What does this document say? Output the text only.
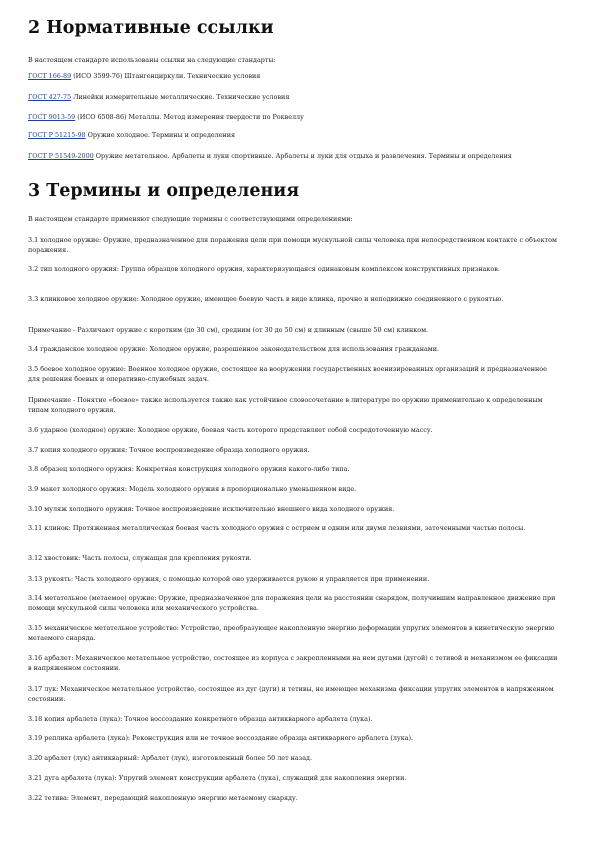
2 Нормативные ссылки

В настоящем стандарте использованы ссылки на следующие стандарты:

ГОСТ 166-89 (ИСО 3599-76) Штангенциркули. Технические условия

ГОСТ 427-75 Линейки измерительные металлические. Технические условия

ГОСТ 9013-59 (ИСО 6508-86) Металлы. Метод измерения твердости по Роквеллу

ГОСТ Р 51215-98 Оружие холодное. Термины и определения

ГОСТ Р 51549-2000 Оружие метательное. Арбалеты и луки спортивные. Арбалеты и луки для отдыха и развлечения. Термины и определения

3 Термины и определения

В настоящем стандарте применяют следующие термины с соответствующими определениями:

3.1 холодное оружие: Оружие, предназначенное для поражения цели при помощи мускульной силы человека при непосредственном контакте с объектом поражения.

3.2 тип холодного оружия: Группа образцов холодного оружия, характеризующаяся одинаковым комплексом конструктивных признаков.

3.3 клинковое холодное оружие: Холодное оружие, имеющее боевую часть в виде клинка, прочно и неподвижно соединенного с рукоятью.

Примечание - Различают оружие с коротким (до 30 см), средним (от 30 до 50 см) и длинным (свыше 50 см) клинком.

3.4 гражданское холодное оружие: Холодное оружие, разрешенное законодательством для использования гражданами.

3.5 боевое холодное оружие: Военное холодное оружие, состоящее на вооружении государственных военизированных организаций и предназначенное для решения боевых и оперативно-служебных задач.

Примечание - Понятие «боевое» также используется также как устойчивое словосочетание в литературе по оружию применительно к определенным типам холодного оружия.

3.6 ударное (холодное) оружие: Холодное оружие, боевая часть которого представляет собой сосредоточенную массу.

3.7 копия холодного оружия: Точное воспроизведение образца холодного оружия.

3.8 образец холодного оружия: Конкретная конструкция холодного оружия какого-либо типа.

3.9 макет холодного оружия: Модель холодного оружия в пропорционально уменьшенном виде.

3.10 муляж холодного оружия: Точное воспроизведение исключительно внешнего вида холодного оружия.

3.11 клинок: Протяженная металлическая боевая часть холодного оружия с острием и одним или двумя лезвиями, заточенными частью полосы.

3.12 хвостовик: Часть полосы, служащая для крепления рукояти.

3.13 рукоять: Часть холодного оружия, с помощью которой оно удерживается рукою и управляется при применении.

3.14 метательное (метаемое) оружие: Оружие, предназначенное для поражения цели на расстоянии снарядом, получившим направленное движение при помощи мускульной силы человека или механического устройства.

3.15 механическое метательное устройство: Устройство, преобразующее накопленную энергию деформации упругих элементов в кинетическую энергию метаемого снаряда.

3.16 арбалет: Механическое метательное устройство, состоящее из корпуса с закрепленными на нем дугами (дугой) с тетивой и механизмом ее фиксации в напряженном состоянии.

3.17 лук: Механическое метательное устройство, состоящее из дуг (дуги) и тетивы, не имеющее механизма фиксации упругих элементов в напряженном состоянии.

3.18 копия арбалета (лука): Точное воссоздание конкретного образца антикварного арбалета (лука).

3.19 реплика арбалета (лука): Реконструкция или не точное воссоздание образца антикварного арбалета (лука).

3.20 арбалет (лук) антикварный: Арбалет (лук), изготовленный более 50 лет назад.

3.21 дуга арбалета (лука): Упругий элемент конструкции арбалета (лука), служащий для накопления энергии.

3.22 тетива: Элемент, передающий накопленную энергию метаемому снаряду.
